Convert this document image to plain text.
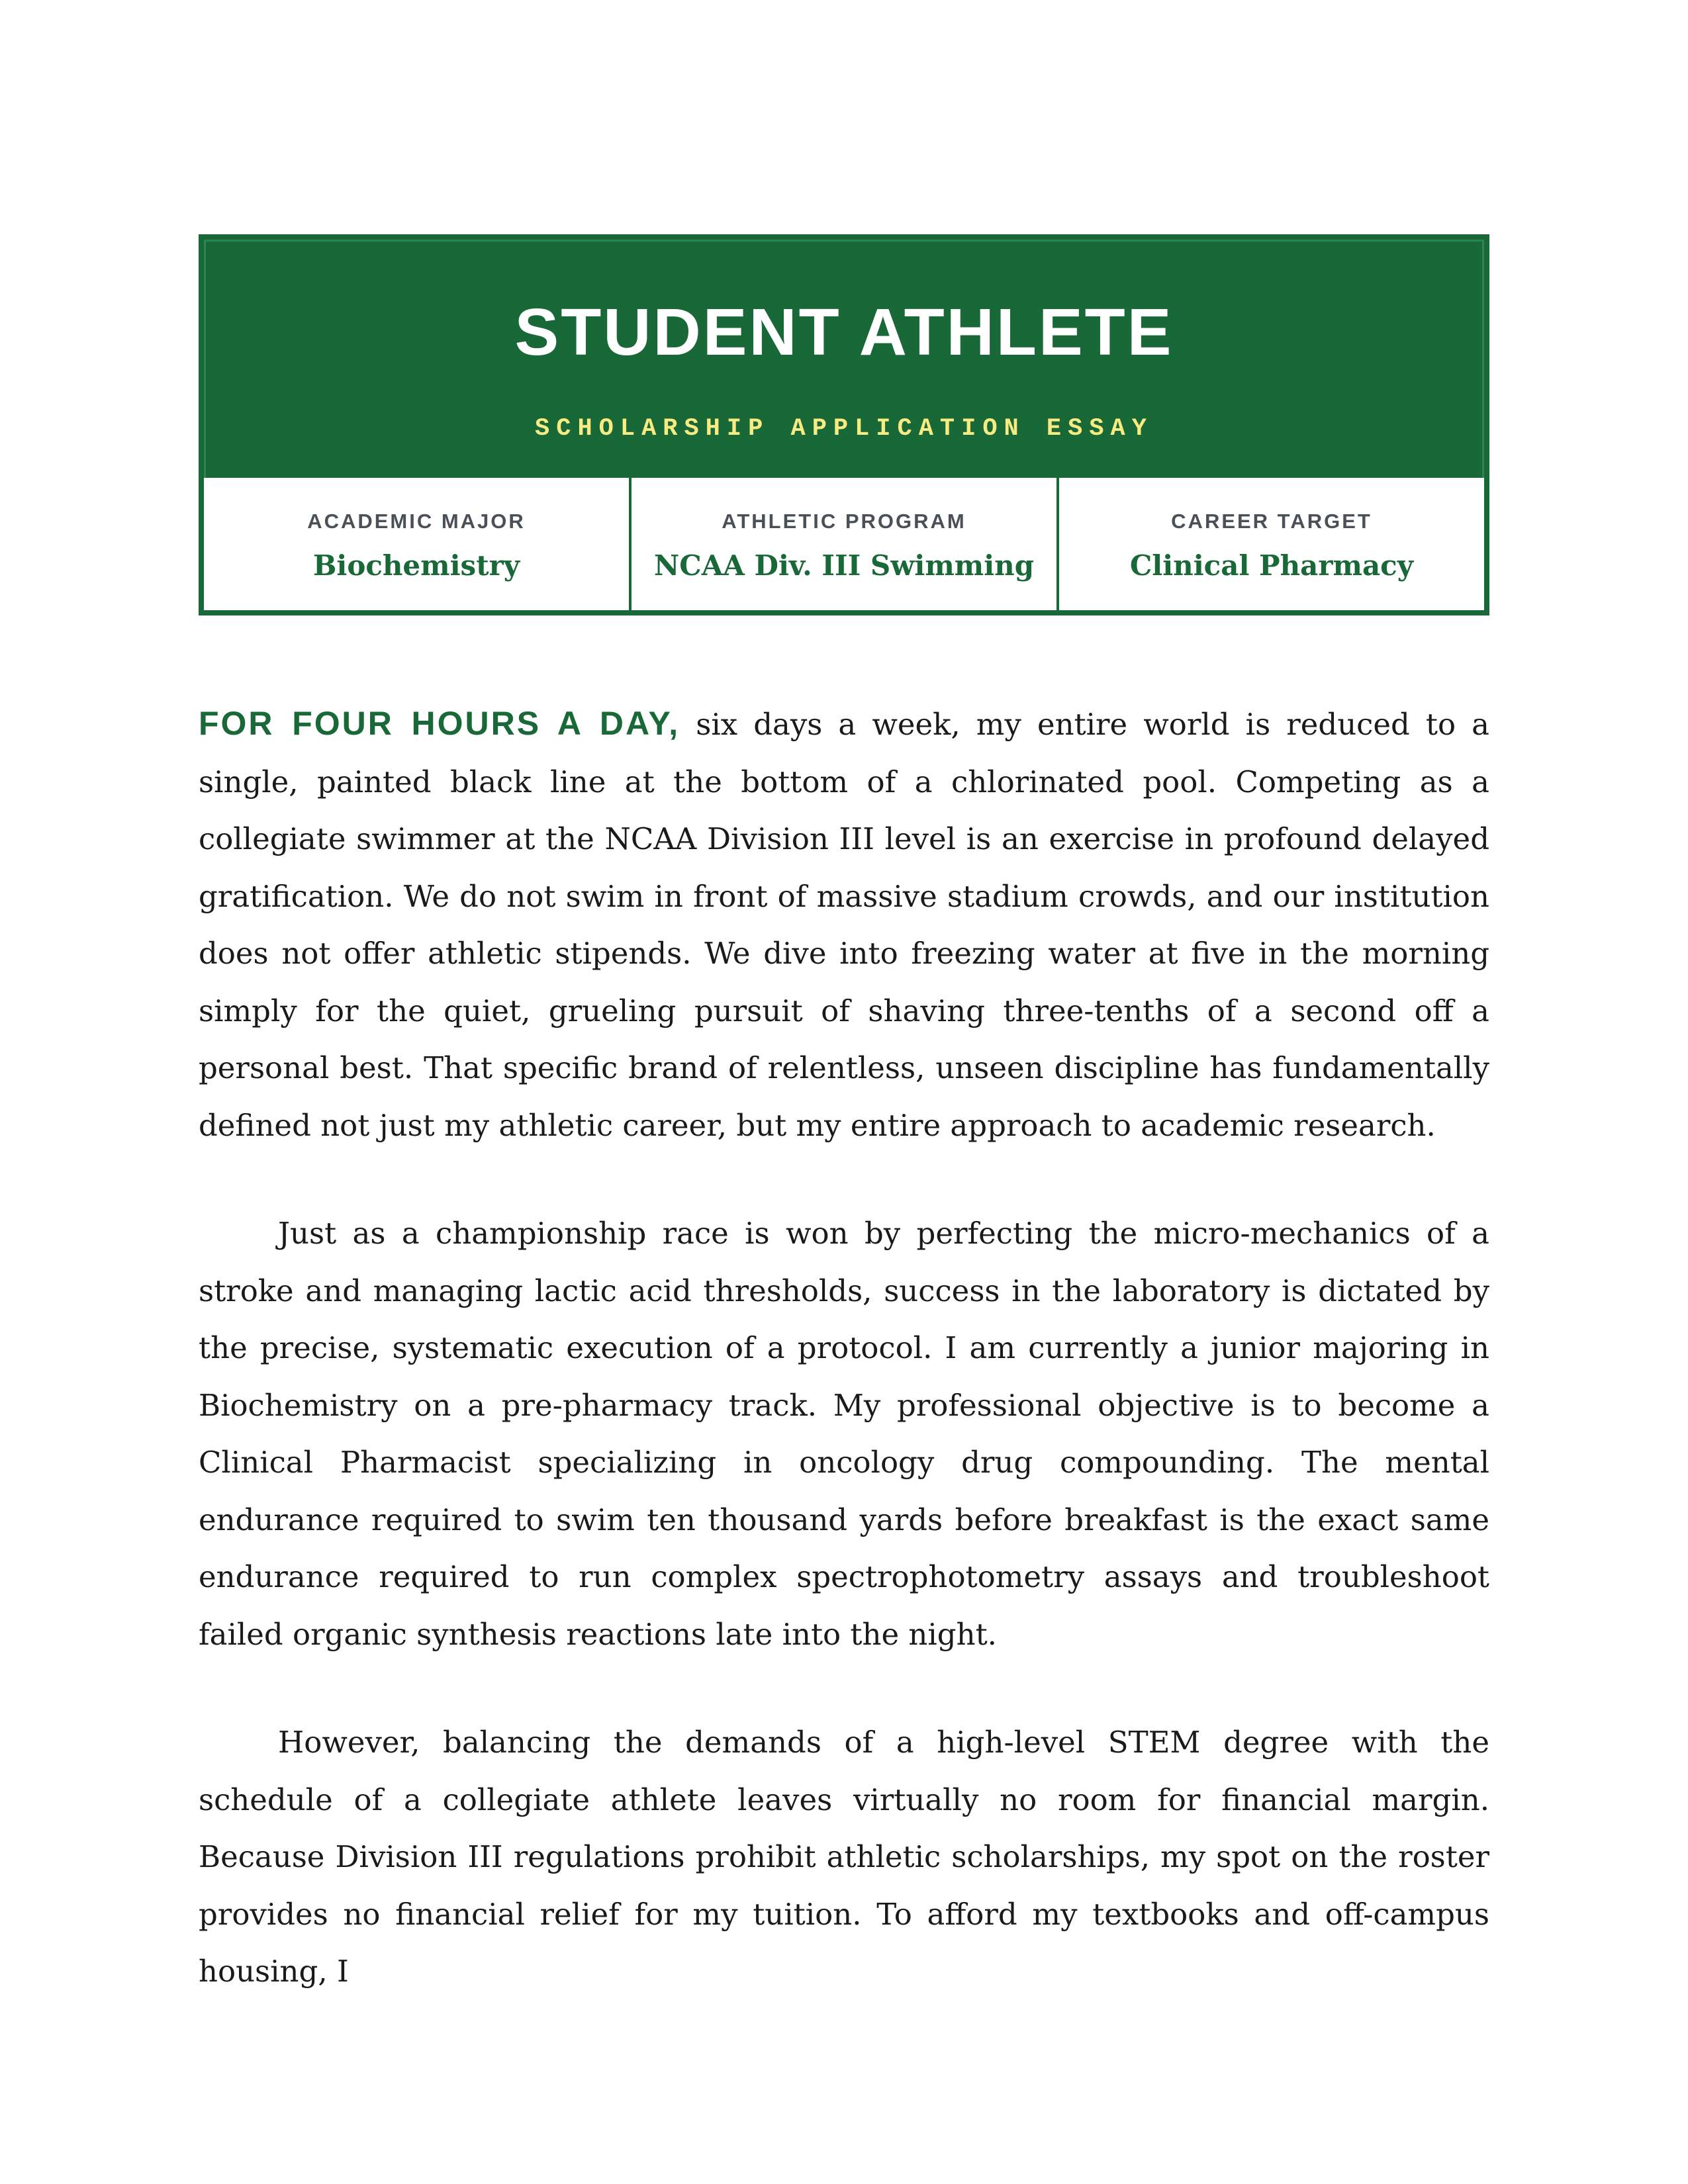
STUDENT ATHLETE
SCHOLARSHIP APPLICATION ESSAY
ACADEMIC MAJOR
Biochemistry
ATHLETIC PROGRAM
NCAA Div. III Swimming
CAREER TARGET
Clinical Pharmacy

FOR FOUR HOURS A DAY, six days a week, my entire world is reduced to a single, painted black line at the bottom of a chlorinated pool. Competing as a collegiate swimmer at the NCAA Division III level is an exercise in profound delayed gratification. We do not swim in front of massive stadium crowds, and our institution does not offer athletic stipends. We dive into freezing water at five in the morning simply for the quiet, grueling pursuit of shaving three-tenths of a second off a personal best. That specific brand of relentless, unseen discipline has fundamentally defined not just my athletic career, but my entire approach to academic research.

Just as a championship race is won by perfecting the micro-mechanics of a stroke and managing lactic acid thresholds, success in the laboratory is dictated by the precise, systematic execution of a protocol. I am currently a junior majoring in Biochemistry on a pre-pharmacy track. My professional objective is to become a Clinical Pharmacist specializing in oncology drug compounding. The mental endurance required to swim ten thousand yards before breakfast is the exact same endurance required to run complex spectrophotometry assays and troubleshoot failed organic synthesis reactions late into the night.

However, balancing the demands of a high-level STEM degree with the schedule of a collegiate athlete leaves virtually no room for financial margin. Because Division III regulations prohibit athletic scholarships, my spot on the roster provides no financial relief for my tuition. To afford my textbooks and off-campus housing, I
